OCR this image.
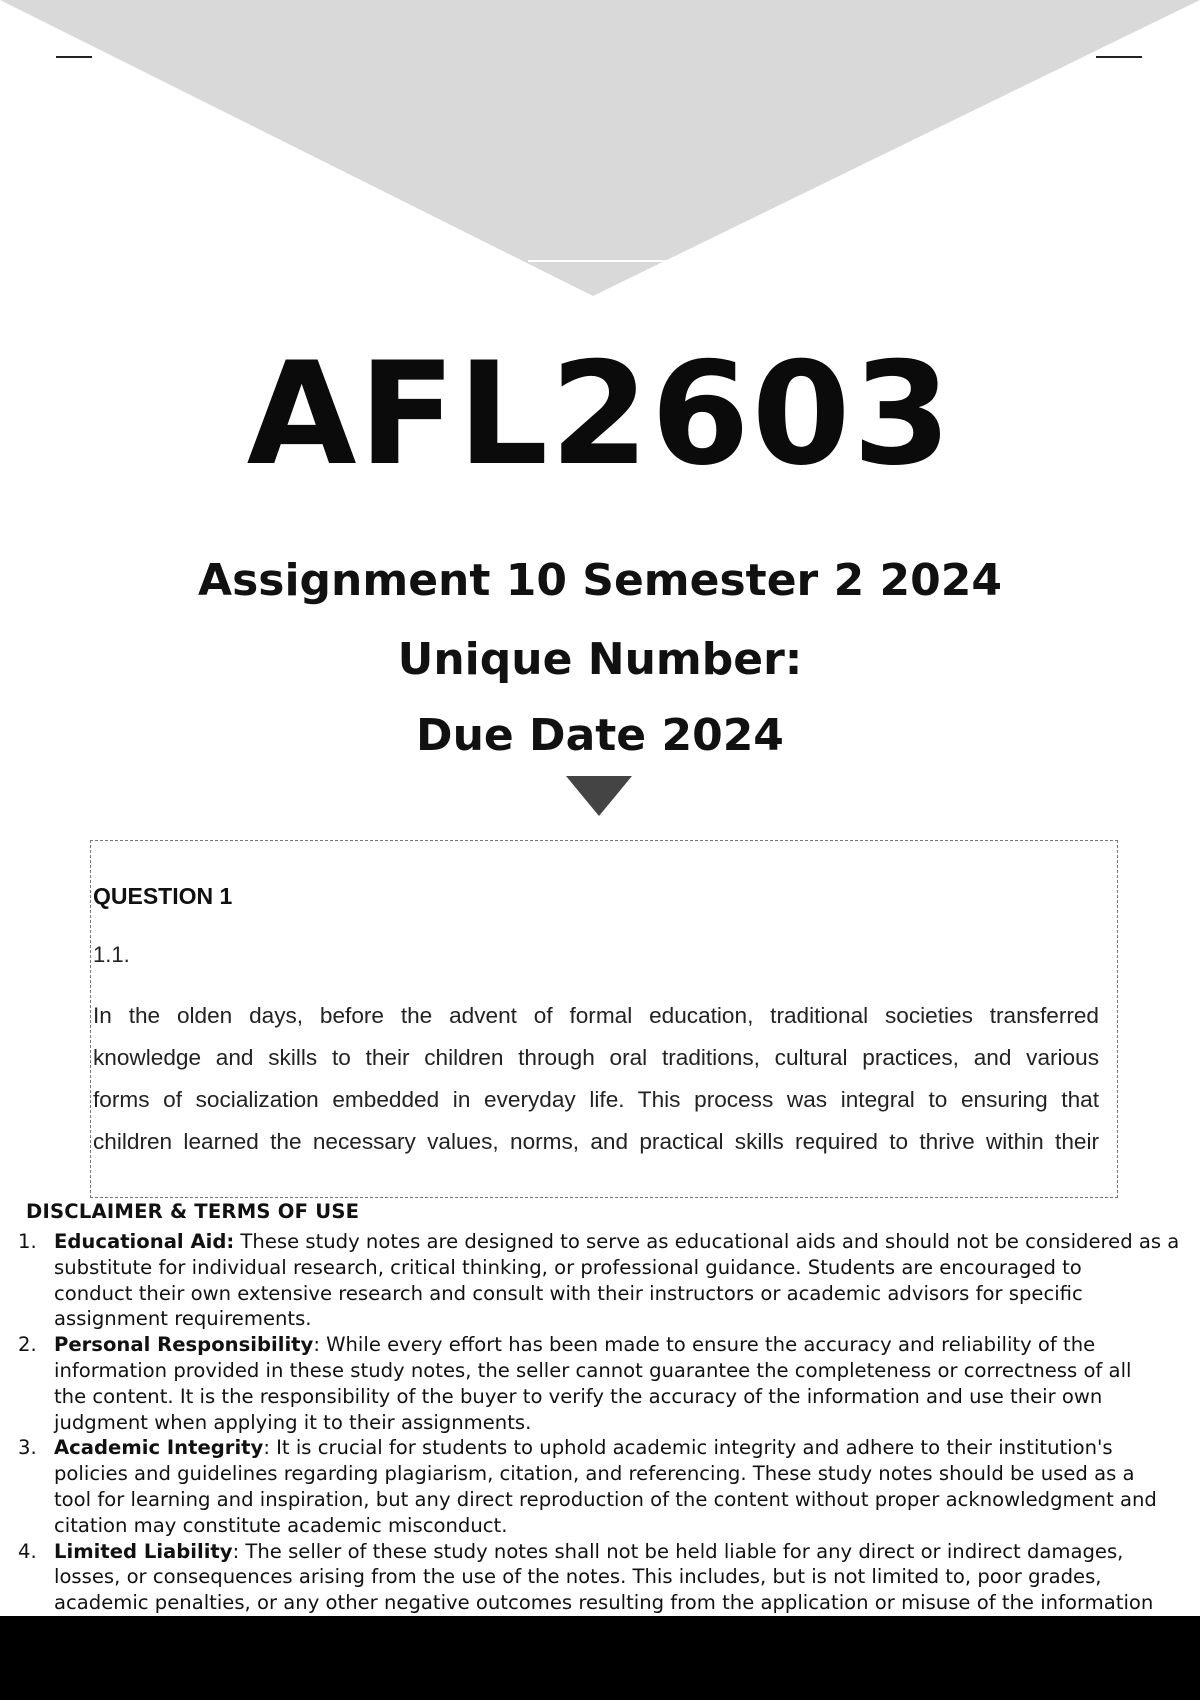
AFL2603
Assignment 10 Semester 2 2024
Unique Number:
Due Date 2024
QUESTION 1
1.1.
In the olden days, before the advent of formal education, traditional societies transferred
knowledge and skills to their children through oral traditions, cultural practices, and various
forms of socialization embedded in everyday life. This process was integral to ensuring that
children learned the necessary values, norms, and practical skills required to thrive within their
DISCLAIMER & TERMS OF USE
1. Educational Aid: These study notes are designed to serve as educational aids and should not be considered as a
substitute for individual research, critical thinking, or professional guidance. Students are encouraged to
conduct their own extensive research and consult with their instructors or academic advisors for specific
assignment requirements.
2. Personal Responsibility: While every effort has been made to ensure the accuracy and reliability of the
information provided in these study notes, the seller cannot guarantee the completeness or correctness of all
the content. It is the responsibility of the buyer to verify the accuracy of the information and use their own
judgment when applying it to their assignments.
3. Academic Integrity: It is crucial for students to uphold academic integrity and adhere to their institution's
policies and guidelines regarding plagiarism, citation, and referencing. These study notes should be used as a
tool for learning and inspiration, but any direct reproduction of the content without proper acknowledgment and
citation may constitute academic misconduct.
4. Limited Liability: The seller of these study notes shall not be held liable for any direct or indirect damages,
losses, or consequences arising from the use of the notes. This includes, but is not limited to, poor grades,
academic penalties, or any other negative outcomes resulting from the application or misuse of the information
